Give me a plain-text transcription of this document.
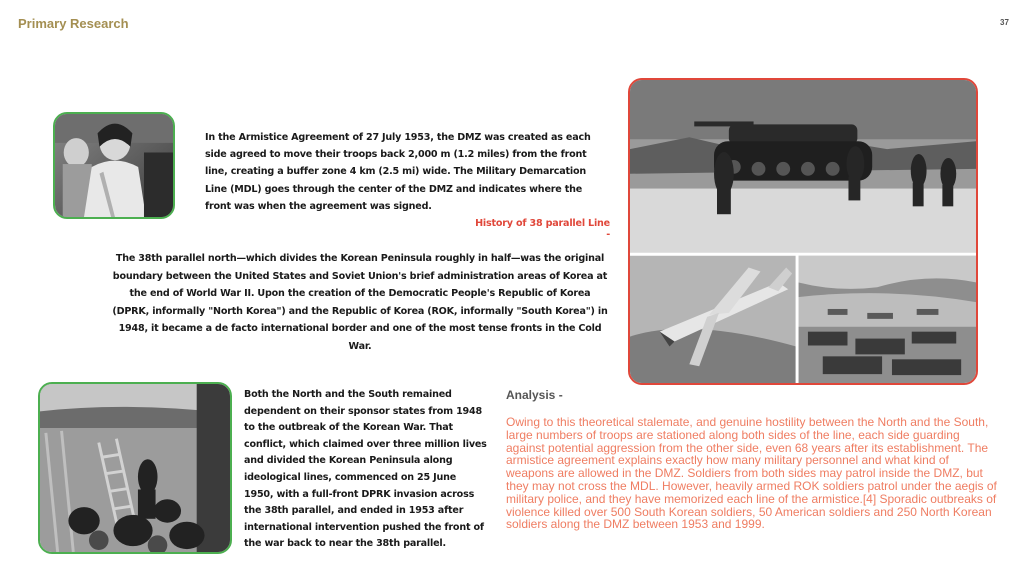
Primary Research	37
In the Armistice Agreement of 27 July 1953, the DMZ was created as each side agreed to move their troops back 2,000 m (1.2 miles) from the front line, creating a buffer zone 4 km (2.5 mi) wide. The Military Demarcation Line (MDL) goes through the center of the DMZ and indicates where the front was when the agreement was signed.
History of 38 parallel Line -
The 38th parallel north—which divides the Korean Peninsula roughly in half—was the original boundary between the United States and Soviet Union's brief administration areas of Korea at the end of World War II. Upon the creation of the Democratic People's Republic of Korea (DPRK, informally "North Korea") and the Republic of Korea (ROK, informally "South Korea") in 1948, it became a de facto international border and one of the most tense fronts in the Cold War.
Both the North and the South remained dependent on their sponsor states from 1948 to the outbreak of the Korean War. That conflict, which claimed over three million lives and divided the Korean Peninsula along ideological lines, commenced on 25 June 1950, with a full-front DPRK invasion across the 38th parallel, and ended in 1953 after international intervention pushed the front of the war back to near the 38th parallel.
Analysis -
Owing to this theoretical stalemate, and genuine hostility between the North and the South, large numbers of troops are stationed along both sides of the line, each side guarding against potential aggression from the other side, even 68 years after its establishment. The armistice agreement explains exactly how many military personnel and what kind of weapons are allowed in the DMZ. Soldiers from both sides may patrol inside the DMZ, but they may not cross the MDL. However, heavily armed ROK soldiers patrol under the aegis of military police, and they have memorized each line of the armistice.[4] Sporadic outbreaks of violence killed over 500 South Korean soldiers, 50 American soldiers and 250 North Korean soldiers along the DMZ between 1953 and 1999.
